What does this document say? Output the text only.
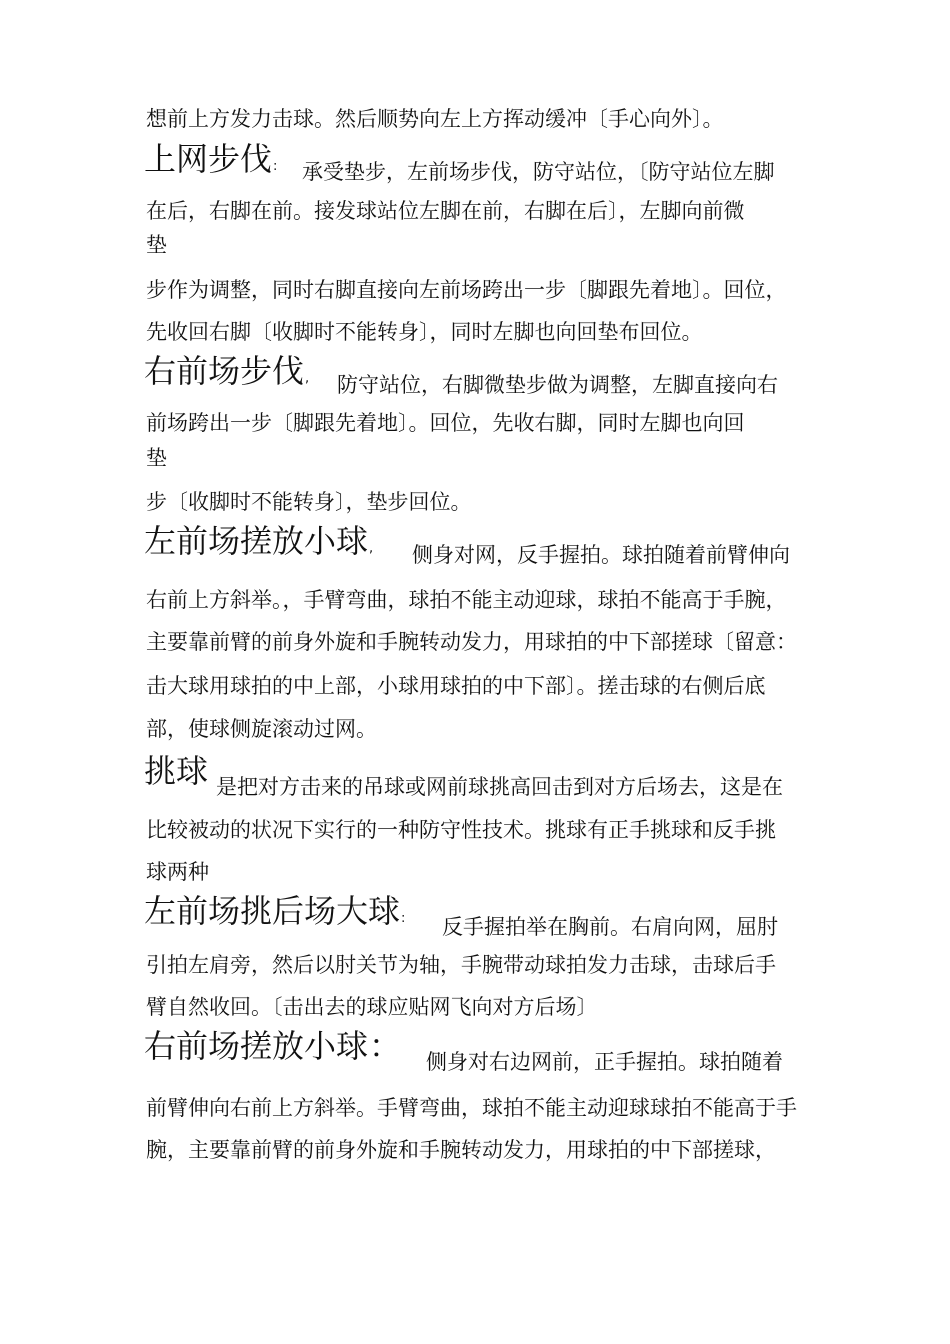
想前上方发力击球。然后顺势向左上方挥动缓冲〔手心向外〕。
上网步伐: 承受垫步，左前场步伐，防守站位，〔防守站位左脚
在后，右脚在前。接发球站位左脚在前，右脚在后〕，左脚向前微
垫
步作为调整，同时右脚直接向左前场跨出一步〔脚跟先着地〕。回位，
先收回右脚〔收脚时不能转身〕，同时左脚也向回垫布回位。
右前场步伐, 防守站位，右脚微垫步做为调整，左脚直接向右
前场跨出一步〔脚跟先着地〕。回位，先收右脚，同时左脚也向回
垫
步〔收脚时不能转身〕，垫步回位。
左前场搓放小球, 侧身对网，反手握拍。球拍随着前臂伸向
右前上方斜举。，手臂弯曲，球拍不能主动迎球，球拍不能高于手腕，
主要靠前臂的前身外旋和手腕转动发力，用球拍的中下部搓球〔留意：
击大球用球拍的中上部，小球用球拍的中下部〕。搓击球的右侧后底
部，使球侧旋滚动过网。
挑球 是把对方击来的吊球或网前球挑高回击到对方后场去，这是在
比较被动的状况下实行的一种防守性技术。挑球有正手挑球和反手挑
球两种
左前场挑后场大球: 反手握拍举在胸前。右肩向网，屈肘
引拍左肩旁，然后以肘关节为轴，手腕带动球拍发力击球，击球后手
臂自然收回。〔击出去的球应贴网飞向对方后场〕
右前场搓放小球： 侧身对右边网前，正手握拍。球拍随着
前臂伸向右前上方斜举。手臂弯曲，球拍不能主动迎球球拍不能高于手
腕，主要靠前臂的前身外旋和手腕转动发力，用球拍的中下部搓球，
